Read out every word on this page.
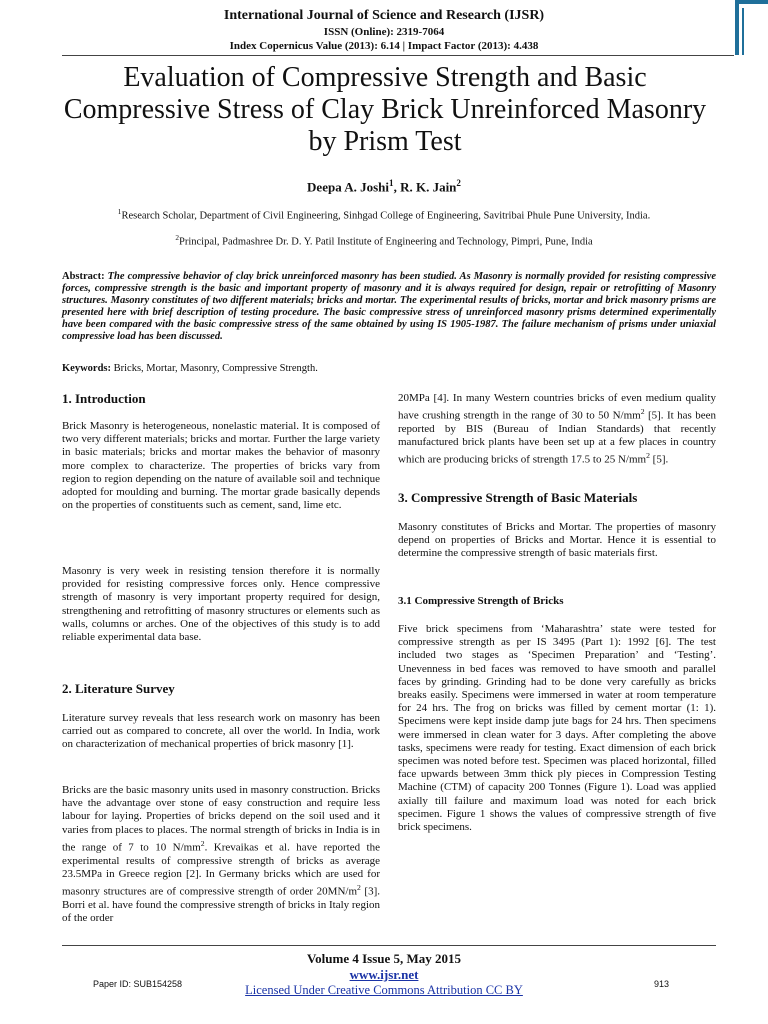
International Journal of Science and Research (IJSR)
ISSN (Online): 2319-7064
Index Copernicus Value (2013): 6.14 | Impact Factor (2013): 4.438
Evaluation of Compressive Strength and Basic Compressive Stress of Clay Brick Unreinforced Masonry by Prism Test
Deepa A. Joshi$^1$, R. K. Jain$^2$
$^1$Research Scholar, Department of Civil Engineering, Sinhgad College of Engineering, Savitribai Phule Pune University, India.
$^2$Principal, Padmashree Dr. D. Y. Patil Institute of Engineering and Technology, Pimpri, Pune, India
Abstract: The compressive behavior of clay brick unreinforced masonry has been studied. As Masonry is normally provided for resisting compressive forces, compressive strength is the basic and important property of masonry and it is always required for design, repair or retrofitting of Masonry structures. Masonry constitutes of two different materials; bricks and mortar. The experimental results of bricks, mortar and brick masonry prisms are presented here with brief description of testing procedure. The basic compressive stress of unreinforced masonry prisms determined experimentally have been compared with the basic compressive stress of the same obtained by using IS 1905-1987. The failure mechanism of prisms under uniaxial compressive load has been discussed.
Keywords: Bricks, Mortar, Masonry, Compressive Strength.
1. Introduction
Brick Masonry is heterogeneous, nonelastic material. It is composed of two very different materials; bricks and mortar. Further the large variety in basic materials; bricks and mortar makes the behavior of masonry more complex to characterize. The properties of bricks vary from region to region depending on the nature of available soil and technique adopted for moulding and burning. The mortar grade basically depends on the properties of constituents such as cement, sand, lime etc.
Masonry is very week in resisting tension therefore it is normally provided for resisting compressive forces only. Hence compressive strength of masonry is very important property required for design, strengthening and retrofitting of masonry structures or elements such as walls, columns or arches. One of the objectives of this study is to add reliable experimental data base.
2. Literature Survey
Literature survey reveals that less research work on masonry has been carried out as compared to concrete, all over the world. In India, work on characterization of mechanical properties of brick masonry [1].
Bricks are the basic masonry units used in masonry construction. Bricks have the advantage over stone of easy construction and require less labour for laying. Properties of bricks depend on the soil used and it varies from places to places. The normal strength of bricks in India is in the range of 7 to 10 $N/mm^2$. Krevaikas et al. have reported the experimental results of compressive strength of bricks as average 23.5MPa in Greece region [2]. In Germany bricks which are used for masonry structures are of compressive strength of order $20MN/m^2$ [3]. Borri et al. have found the compressive strength of bricks in Italy region of the order
20MPa [4]. In many Western countries bricks of even medium quality have crushing strength in the range of 30 to 50 $N/mm^2$ [5]. It has been reported by BIS (Bureau of Indian Standards) that recently manufactured brick plants have been set up at a few places in country which are producing bricks of strength 17.5 to 25 $N/mm^2$ [5].
3. Compressive Strength of Basic Materials
Masonry constitutes of Bricks and Mortar. The properties of masonry depend on properties of Bricks and Mortar. Hence it is essential to determine the compressive strength of basic materials first.
3.1 Compressive Strength of Bricks
Five brick specimens from ‘Maharashtra’ state were tested for compressive strength as per IS 3495 (Part 1): 1992 [6]. The test included two stages as ‘Specimen Preparation’ and ‘Testing’. Unevenness in bed faces was removed to have smooth and parallel faces by grinding. Grinding had to be done very carefully as bricks breaks easily. Specimens were immersed in water at room temperature for 24 hrs. The frog on bricks was filled by cement mortar (1: 1). Specimens were kept inside damp jute bags for 24 hrs. Then specimens were immersed in clean water for 3 days. After completing the above tasks, specimens were ready for testing. Exact dimension of each brick specimen was noted before test. Specimen was placed horizontal, filled face upwards between 3mm thick ply pieces in Compression Testing Machine (CTM) of capacity 200 Tonnes (Figure 1). Load was applied axially till failure and maximum load was noted for each brick specimen. Figure 1 shows the values of compressive strength of five brick specimens.
Volume 4 Issue 5, May 2015
www.ijsr.net
Licensed Under Creative Commons Attribution CC BY
Paper ID: SUB154258	913
